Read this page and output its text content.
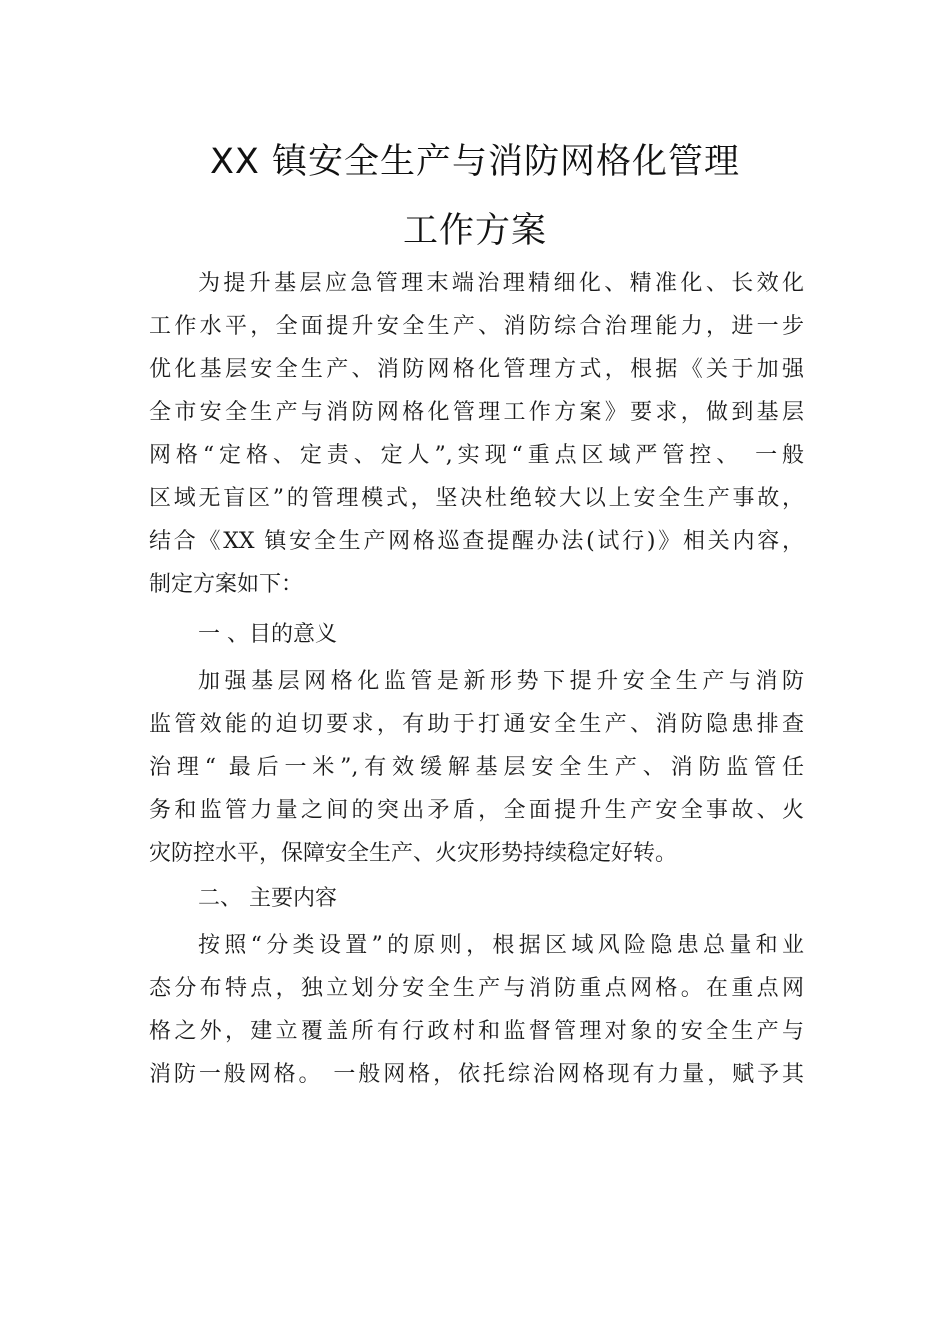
XX 镇安全生产与消防网格化管理
工作方案
为提升基层应急管理末端治理精细化、精准化、长效化
工作水平，全面提升安全生产、消防综合治理能力，进一步
优化基层安全生产、消防网格化管理方式，根据《关于加强
全市安全生产与消防网格化管理工作方案》要求，做到基层
网格“定格、定责、定人”,实现“重点区域严管控、 一般
区域无盲区”的管理模式，坚决杜绝较大以上安全生产事故，
结合《XX 镇安全生产网格巡查提醒办法(试行)》相关内容，
制定方案如下：
一 、目的意义
加强基层网格化监管是新形势下提升安全生产与消防
监管效能的迫切要求，有助于打通安全生产、消防隐患排查
治理“ 最后一米”,有效缓解基层安全生产、消防监管任
务和监管力量之间的突出矛盾，全面提升生产安全事故、火
灾防控水平，保障安全生产、火灾形势持续稳定好转。
二、 主要内容
按照“分类设置”的原则，根据区域风险隐患总量和业
态分布特点，独立划分安全生产与消防重点网格。在重点网
格之外，建立覆盖所有行政村和监督管理对象的安全生产与
消防一般网格。 一般网格，依托综治网格现有力量，赋予其
